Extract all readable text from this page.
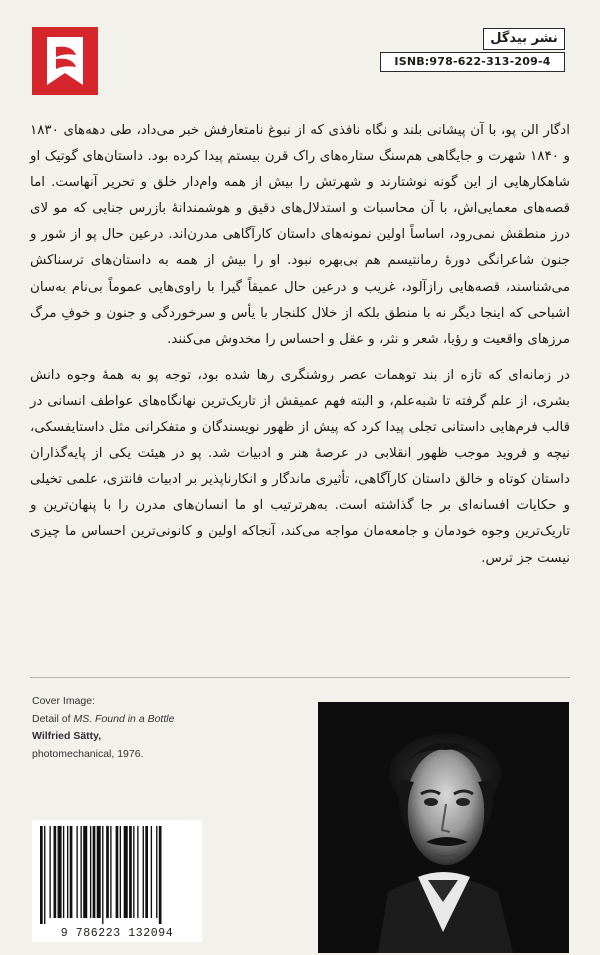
نشر بیدگل
ISNB:978-622-313-209-4

ادگار الن پو، با آن پیشانی بلند و نگاه نافذی که از نبوغ نامتعارفش خبر می‌داد، طی دهه‌های ۱۸۳۰ و ۱۸۴۰ شهرت و جایگاهی هم‌سنگ ستاره‌های راک قرن بیستم پیدا کرده بود. داستان‌های گوتیک او شاهکارهایی از این گونه نوشتارند و شهرتش را بیش از همه وام‌دار خلق و تحریر آنهاست. اما قصه‌های معمایی‌اش، با آن محاسبات و استدلال‌های دقیق و هوشمندانهٔ بازرس جنایی که مو لای درز منطقش نمی‌رود، اساساً اولین نمونه‌های داستان کارآگاهی مدرن‌اند. درعین حال پو از شور و جنون شاعرانگی دورهٔ رمانتیسم هم بی‌بهره نبود. او را بیش از همه به داستان‌های ترسناکش می‌شناسند، قصه‌هایی رازآلود، غریب و درعین حال عمیقاً گیرا با راوی‌هایی عموماً بی‌نام به‌سان اشباحی که اینجا دیگر نه با منطق بلکه از خلال کلنجار با یأس و سرخوردگی و جنون و خوفِ مرگ مرزهای واقعیت و رؤیا، شعر و نثر، و عقل و احساس را مخدوش می‌کنند.

در زمانه‌ای که تازه از بند توهمات عصر روشنگری رها شده بود، توجه پو به همهٔ وجوه دانش بشری، از علم گرفته تا شبه‌علم، و البته فهم عمیقش از تاریک‌ترین نهانگاه‌های عواطف انسانی در قالب فرم‌هایی داستانی تجلی پیدا کرد که پیش از ظهور نویسندگان و متفکرانی مثل داستایفسکی، نیچه و فروید موجب ظهور انقلابی در عرصهٔ هنر و ادبیات شد. پو در هیئت یکی از پایه‌گذاران داستان کوتاه و خالق داستان کارآگاهی، تأثیری ماندگار و انکارناپذیر بر ادبیات فانتزی، علمی تخیلی و حکایات افسانه‌ای بر جا گذاشته است. به‌هرترتیب او ما انسان‌های مدرن را با پنهان‌ترین و تاریک‌ترین وجوه خودمان و جامعه‌مان مواجه می‌کند، آنجاکه اولین و کانونی‌ترین احساس ما چیزی نیست جز ترس.

Cover Image:
Detail of MS. Found in a Bottle
Wilfried Sätty,
photomechanical, 1976.
9 786223 132094
